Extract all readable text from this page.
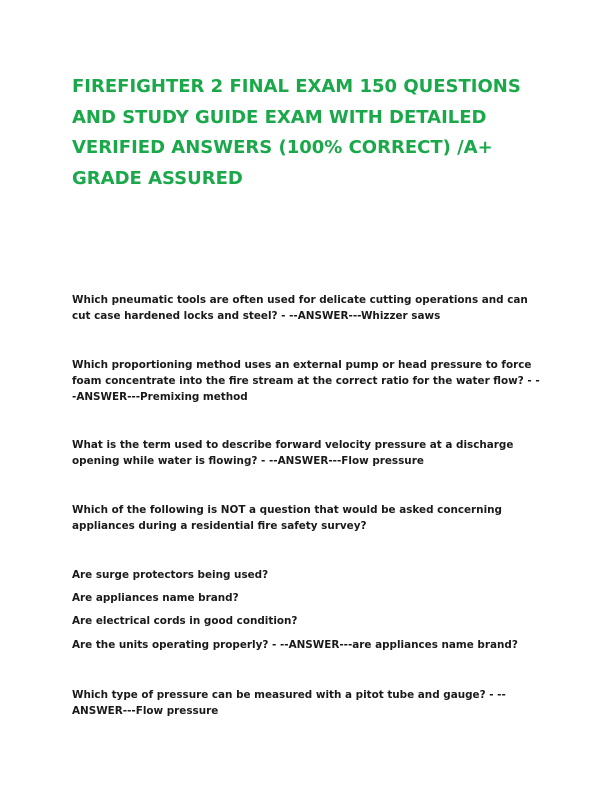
FIREFIGHTER 2 FINAL EXAM 150 QUESTIONS AND STUDY GUIDE EXAM WITH DETAILED VERIFIED ANSWERS (100% CORRECT) /A+ GRADE ASSURED

Which pneumatic tools are often used for delicate cutting operations and can cut case hardened locks and steel? - --ANSWER---Whizzer saws

Which proportioning method uses an external pump or head pressure to force foam concentrate into the fire stream at the correct ratio for the water flow? - --ANSWER---Premixing method

What is the term used to describe forward velocity pressure at a discharge opening while water is flowing? - --ANSWER---Flow pressure

Which of the following is NOT a question that would be asked concerning appliances during a residential fire safety survey?

Are surge protectors being used?

Are appliances name brand?

Are electrical cords in good condition?

Are the units operating properly? - --ANSWER---are appliances name brand?

Which type of pressure can be measured with a pitot tube and gauge? - --ANSWER---Flow pressure
